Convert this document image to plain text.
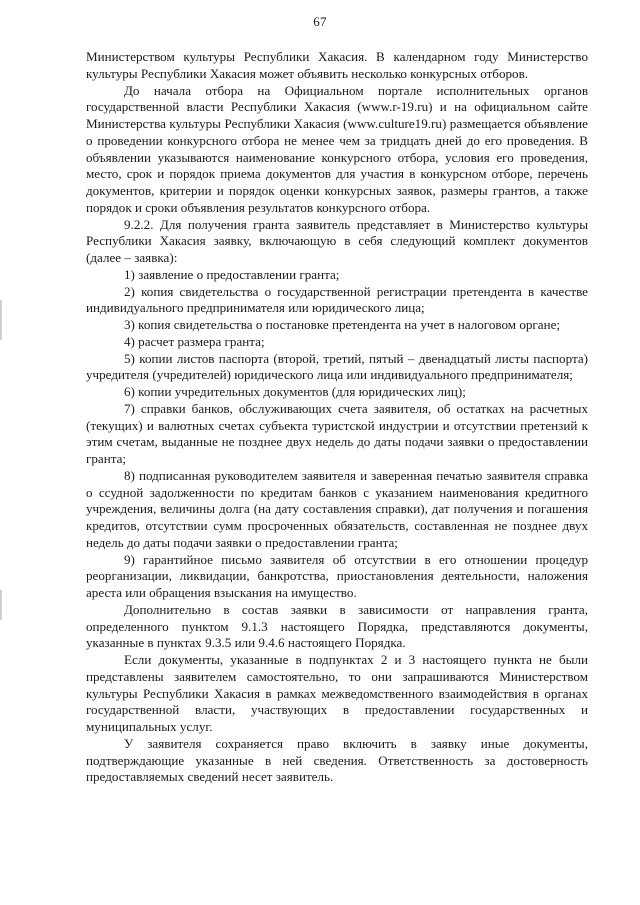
67

Министерством культуры Республики Хакасия. В календарном году Министерство культуры Республики Хакасия может объявить несколько конкурсных отборов.

До начала отбора на Официальном портале исполнительных органов государственной власти Республики Хакасия (www.r-19.ru) и на официальном сайте Министерства культуры Республики Хакасия (www.culture19.ru) размещается объявление о проведении конкурсного отбора не менее чем за тридцать дней до его проведения. В объявлении указываются наименование конкурсного отбора, условия его проведения, место, срок и порядок приема документов для участия в конкурсном отборе, перечень документов, критерии и порядок оценки конкурсных заявок, размеры грантов, а также порядок и сроки объявления результатов конкурсного отбора.

9.2.2. Для получения гранта заявитель представляет в Министерство культуры Республики Хакасия заявку, включающую в себя следующий комплект документов (далее – заявка):

1) заявление о предоставлении гранта;

2) копия свидетельства о государственной регистрации претендента в качестве индивидуального предпринимателя или юридического лица;

3) копия свидетельства о постановке претендента на учет в налоговом органе;

4) расчет размера гранта;

5) копии листов паспорта (второй, третий, пятый – двенадцатый листы паспорта) учредителя (учредителей) юридического лица или индивидуального предпринимателя;

6) копии учредительных документов (для юридических лиц);

7) справки банков, обслуживающих счета заявителя, об остатках на расчетных (текущих) и валютных счетах субъекта туристской индустрии и отсутствии претензий к этим счетам, выданные не позднее двух недель до даты подачи заявки о предоставлении гранта;

8) подписанная руководителем заявителя и заверенная печатью заявителя справка о ссудной задолженности по кредитам банков с указанием наименования кредитного учреждения, величины долга (на дату составления справки), дат получения и погашения кредитов, отсутствии сумм просроченных обязательств, составленная не позднее двух недель до даты подачи заявки о предоставлении гранта;

9) гарантийное письмо заявителя об отсутствии в его отношении процедур реорганизации, ликвидации, банкротства, приостановления деятельности, наложения ареста или обращения взыскания на имущество.

Дополнительно в состав заявки в зависимости от направления гранта, определенного пунктом 9.1.3 настоящего Порядка, представляются документы, указанные в пунктах 9.3.5 или 9.4.6 настоящего Порядка.

Если документы, указанные в подпунктах 2 и 3 настоящего пункта не были представлены заявителем самостоятельно, то они запрашиваются Министерством культуры Республики Хакасия в рамках межведомственного взаимодействия в органах государственной власти, участвующих в предоставлении государственных и муниципальных услуг.

У заявителя сохраняется право включить в заявку иные документы, подтверждающие указанные в ней сведения. Ответственность за достоверность предоставляемых сведений несет заявитель.
